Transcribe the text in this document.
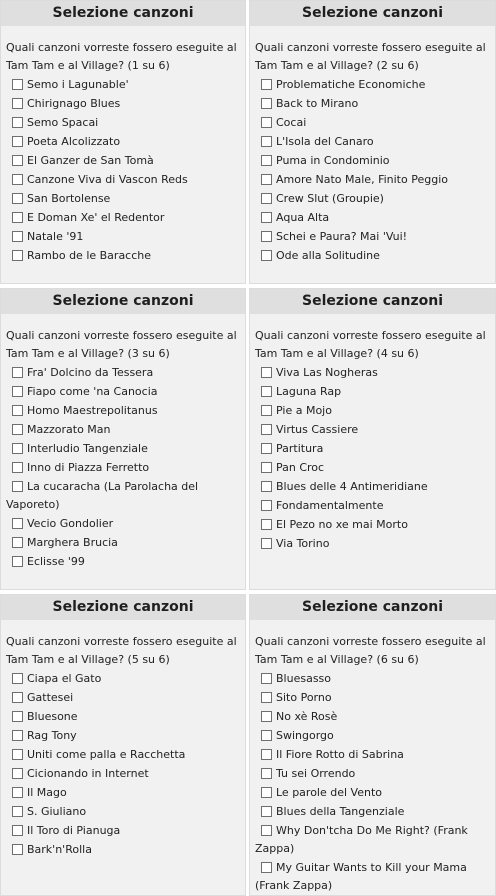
Selezione canzoni
Quali canzoni vorreste fossero eseguite al Tam Tam e al Village? (1 su 6)
Semo i Lagunable'
Chirignago Blues
Semo Spacai
Poeta Alcolizzato
El Ganzer de San Tomà
Canzone Viva di Vascon Reds
San Bortolense
E Doman Xe' el Redentor
Natale '91
Rambo de le Baracche
Selezione canzoni
Quali canzoni vorreste fossero eseguite al Tam Tam e al Village? (2 su 6)
Problematiche Economiche
Back to Mirano
Cocai
L'Isola del Canaro
Puma in Condominio
Amore Nato Male, Finito Peggio
Crew Slut (Groupie)
Aqua Alta
Schei e Paura? Mai 'Vui!
Ode alla Solitudine
Selezione canzoni
Quali canzoni vorreste fossero eseguite al Tam Tam e al Village? (3 su 6)
Fra' Dolcino da Tessera
Fiapo come 'na Canocia
Homo Maestrepolitanus
Mazzorato Man
Interludio Tangenziale
Inno di Piazza Ferretto
La cucaracha (La Parolacha del Vaporeto)
Vecio Gondolier
Marghera Brucia
Eclisse '99
Selezione canzoni
Quali canzoni vorreste fossero eseguite al Tam Tam e al Village? (4 su 6)
Viva Las Nogheras
Laguna Rap
Pie a Mojo
Virtus Cassiere
Partitura
Pan Croc
Blues delle 4 Antimeridiane
Fondamentalmente
El Pezo no xe mai Morto
Via Torino
Selezione canzoni
Quali canzoni vorreste fossero eseguite al Tam Tam e al Village? (5 su 6)
Ciapa el Gato
Gattesei
Bluesone
Rag Tony
Uniti come palla e Racchetta
Cicionando in Internet
Il Mago
S. Giuliano
Il Toro di Pianuga
Bark'n'Rolla
Selezione canzoni
Quali canzoni vorreste fossero eseguite al Tam Tam e al Village? (6 su 6)
Bluesasso
Sito Porno
No xè Rosè
Swingorgo
Il Fiore Rotto di Sabrina
Tu sei Orrendo
Le parole del Vento
Blues della Tangenziale
Why Don'tcha Do Me Right? (Frank Zappa)
My Guitar Wants to Kill your Mama (Frank Zappa)
